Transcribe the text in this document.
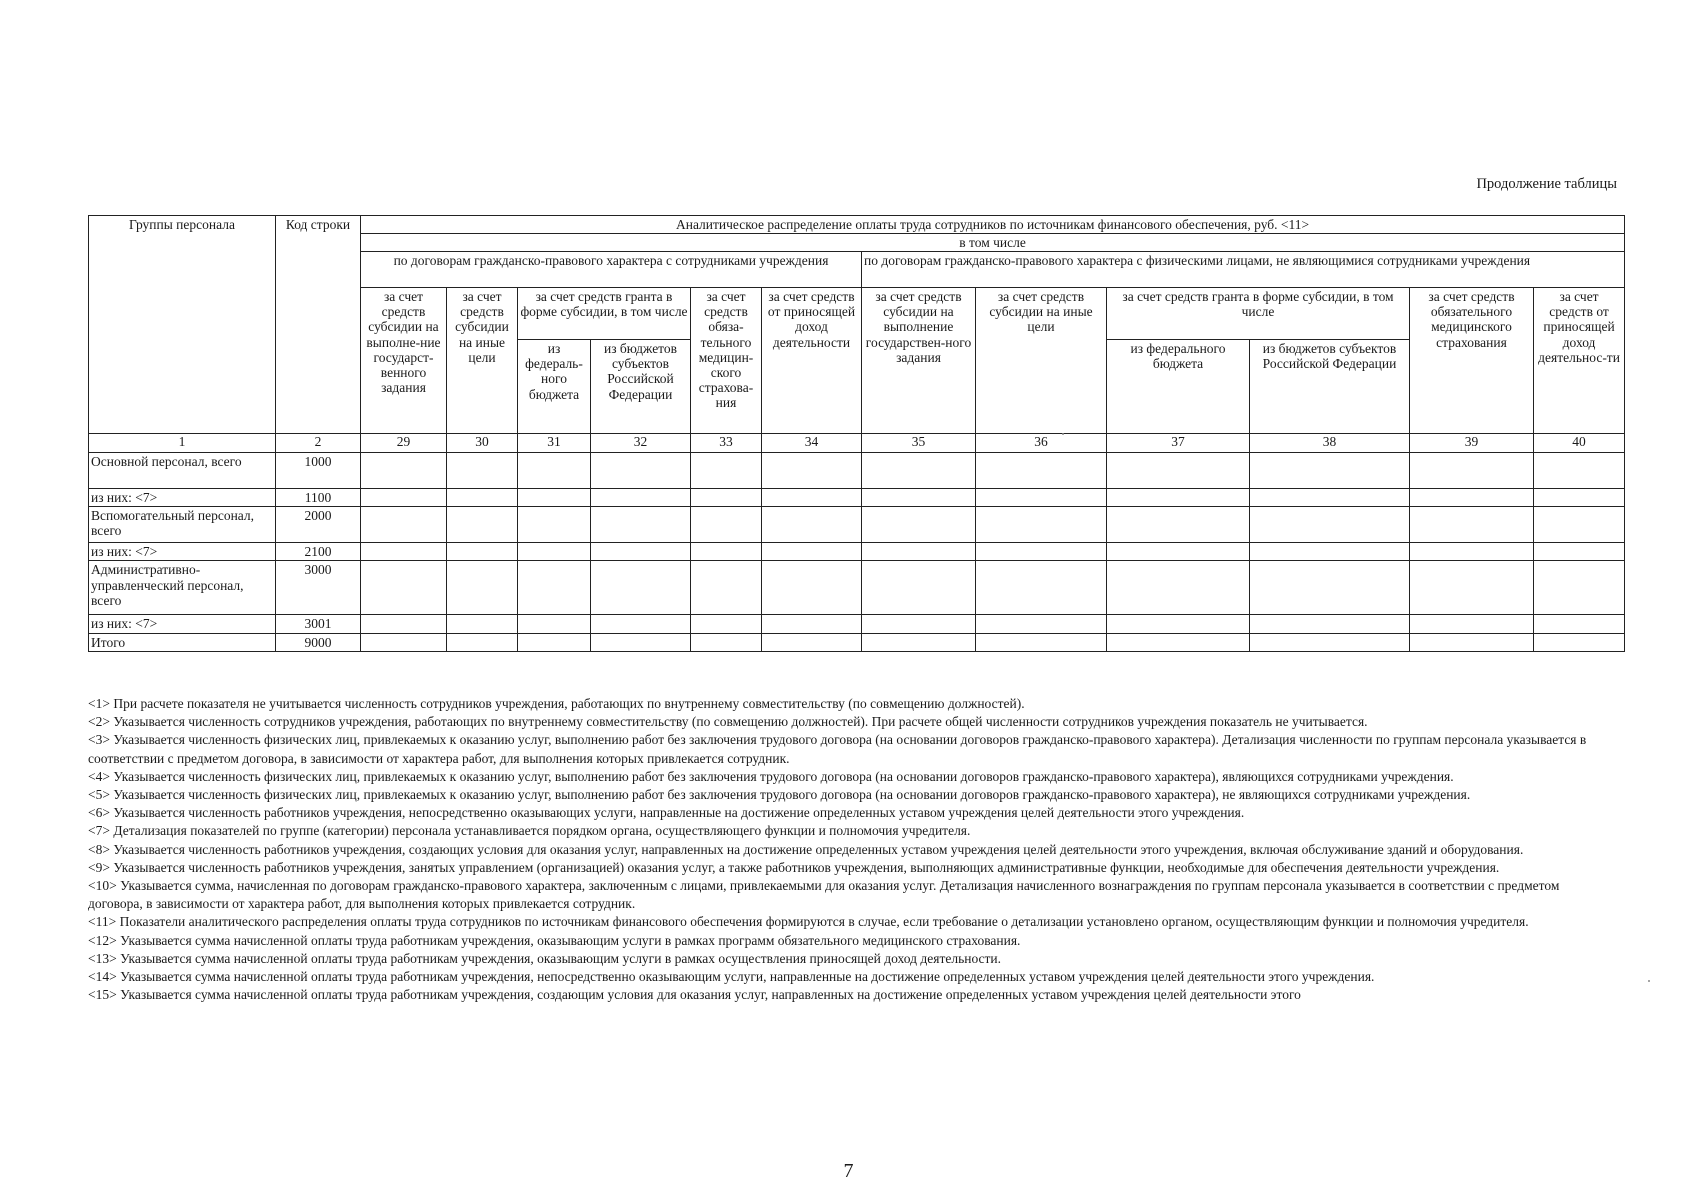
Продолжение таблицы
Группы персонала	Код строки	Аналитическое распределение оплаты труда сотрудников по источникам финансового обеспечения, руб. <11>											
		в том числе											
		по договорам гражданско-правового характера с сотрудниками учреждения						по договорам гражданско-правового характера с физическими лицами, не являющимися сотрудниками учреждения					
		за счет средств субсидии на выполне-ние государст-венного задания	за счет средств субсидии на иные цели	за счет средств гранта в форме субсидии, в том числе		за счет средств обяза-тельного медицин-ского страхова-ния	за счет средств от приносящей доход деятельности	за счет средств субсидии на выполнение государствен-ного задания	за счет средств субсидии на иные цели	за счет средств гранта в форме субсидии, в том числе		за счет средств обязательного медицинского страхования	за счет средств от приносящей доход деятельнос-ти
				из федераль-ного бюджета	из бюджетов субъектов Российской Федерации					из федерального бюджета	из бюджетов субъектов Российской Федерации		
1	2	29	30	31	32	33	34	35	36	37	38	39	40
Основной персонал, всего	1000												
из них: <7>	1100												
Вспомогательный персонал, всего	2000												
из них: <7>	2100												
Административно-управленческий персонал, всего	3000												
из них: <7>	3001												
Итого	9000												

<1> При расчете показателя не учитывается численность сотрудников учреждения, работающих по внутреннему совместительству (по совмещению должностей).

<2> Указывается численность сотрудников учреждения, работающих по внутреннему совместительству (по совмещению должностей). При расчете общей численности сотрудников учреждения показатель не учитывается.

<3> Указывается численность физических лиц, привлекаемых к оказанию услуг, выполнению работ без заключения трудового договора (на основании договоров гражданско-правового характера). Детализация численности по группам персонала указывается в соответствии с предметом договора, в зависимости от характера работ, для выполнения которых привлекается сотрудник.

<4> Указывается численность физических лиц, привлекаемых к оказанию услуг, выполнению работ без заключения трудового договора (на основании договоров гражданско-правового характера), являющихся сотрудниками учреждения.

<5> Указывается численность физических лиц, привлекаемых к оказанию услуг, выполнению работ без заключения трудового договора (на основании договоров гражданско-правового характера), не являющихся сотрудниками учреждения.

<6> Указывается численность работников учреждения, непосредственно оказывающих услуги, направленные на достижение определенных уставом учреждения целей деятельности этого учреждения.

<7> Детализация показателей по группе (категории) персонала устанавливается порядком органа, осуществляющего функции и полномочия учредителя.

<8> Указывается численность работников учреждения, создающих условия для оказания услуг, направленных на достижение определенных уставом учреждения целей деятельности этого учреждения, включая обслуживание зданий и оборудования.

<9> Указывается численность работников учреждения, занятых управлением (организацией) оказания услуг, а также работников учреждения, выполняющих административные функции, необходимые для обеспечения деятельности учреждения.

<10> Указывается сумма, начисленная по договорам гражданско-правового характера, заключенным с лицами, привлекаемыми для оказания услуг. Детализация начисленного вознаграждения по группам персонала указывается в соответствии с предметом договора, в зависимости от характера работ, для выполнения которых привлекается сотрудник.

<11> Показатели аналитического распределения оплаты труда сотрудников по источникам финансового обеспечения формируются в случае, если требование о детализации установлено органом, осуществляющим функции и полномочия учредителя.

<12> Указывается сумма начисленной оплаты труда работникам учреждения, оказывающим услуги в рамках программ обязательного медицинского страхования.

<13> Указывается сумма начисленной оплаты труда работникам учреждения, оказывающим услуги в рамках осуществления приносящей доход деятельности.

<14> Указывается сумма начисленной оплаты труда работникам учреждения, непосредственно оказывающим услуги, направленные на достижение определенных уставом учреждения целей деятельности этого учреждения.

<15> Указывается сумма начисленной оплаты труда работникам учреждения, создающим условия для оказания услуг, направленных на достижение определенных уставом учреждения целей деятельности этого

7
